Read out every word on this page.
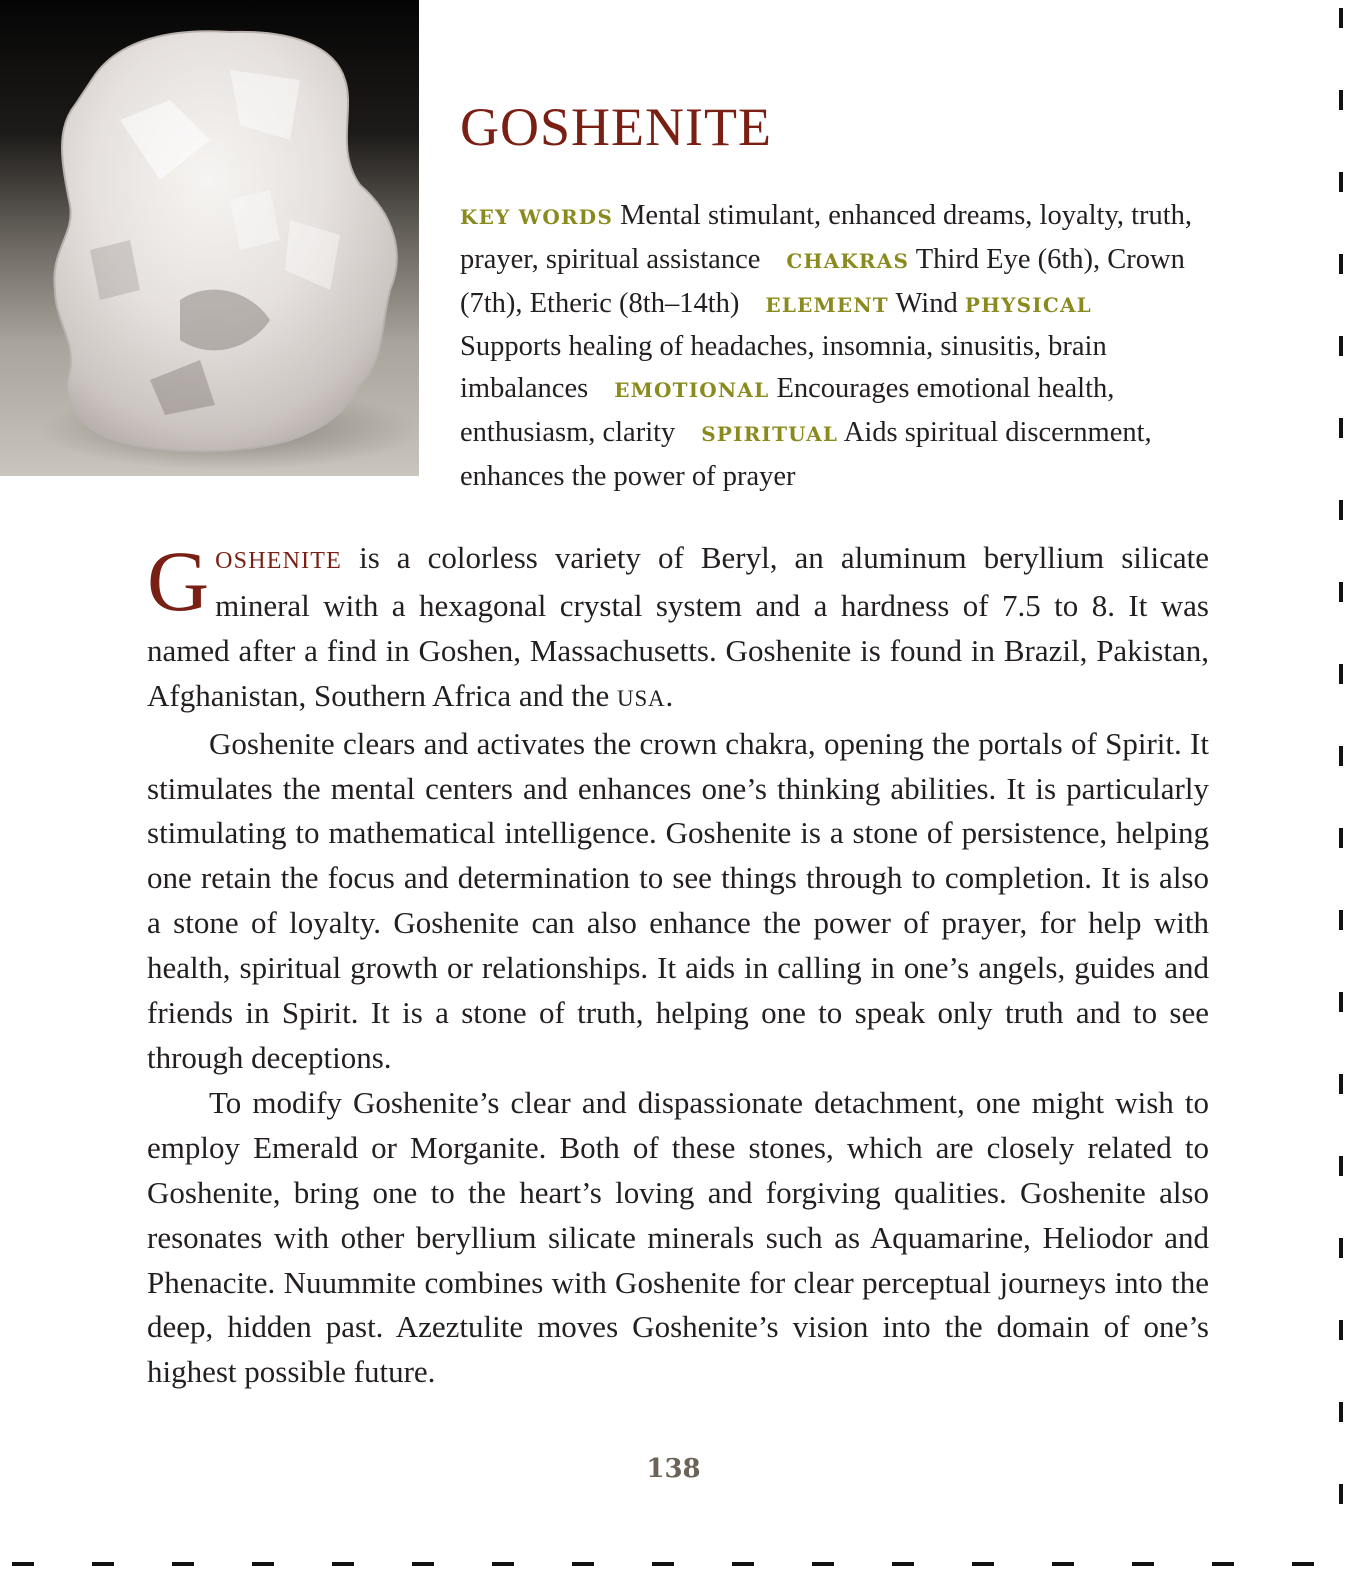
GOSHENITE

KEY WORDS Mental stimulant, enhanced dreams, loyalty, truth, prayer, spiritual assistance CHAKRAS Third Eye (6th), Crown (7th), Etheric (8th–14th) ELEMENT Wind PHYSICAL Supports healing of headaches, insomnia, sinusitis, brain imbalances EMOTIONAL Encourages emotional health, enthusiasm, clarity SPIRITUAL Aids spiritual discernment, enhances the power of prayer

GOSHENITE is a colorless variety of Beryl, an aluminum beryllium silicate mineral with a hexagonal crystal system and a hardness of 7.5 to 8. It was named after a find in Goshen, Massachusetts. Goshenite is found in Brazil, Pakistan, Afghanistan, Southern Africa and the USA.

Goshenite clears and activates the crown chakra, opening the portals of Spirit. It stimulates the mental centers and enhances one’s thinking abilities. It is particularly stimulating to mathematical intelligence. Goshenite is a stone of persistence, helping one retain the focus and determination to see things through to completion. It is also a stone of loyalty. Goshenite can also enhance the power of prayer, for help with health, spiritual growth or relationships. It aids in calling in one’s angels, guides and friends in Spirit. It is a stone of truth, helping one to speak only truth and to see through deceptions.

To modify Goshenite’s clear and dispassionate detachment, one might wish to employ Emerald or Morganite. Both of these stones, which are closely related to Goshenite, bring one to the heart’s loving and forgiving qualities. Goshenite also resonates with other beryllium silicate minerals such as Aquamarine, Heliodor and Phenacite. Nuummite combines with Goshenite for clear perceptual journeys into the deep, hidden past. Azeztulite moves Goshenite’s vision into the domain of one’s highest possible future.

138
